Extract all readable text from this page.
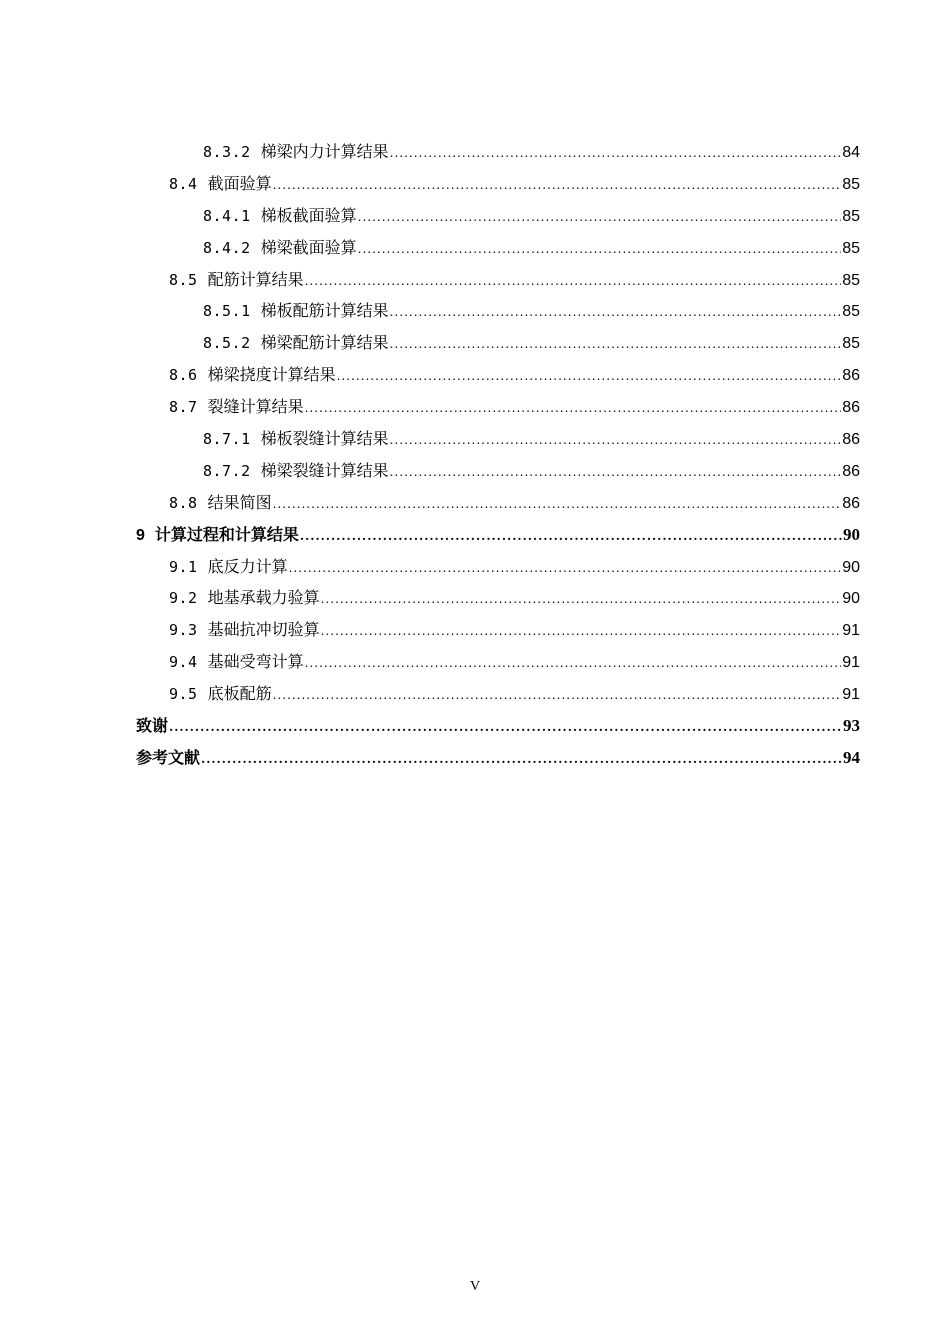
8.3.2 梯梁内力计算结果 .....	84
8.4 截面验算 .....	85
8.4.1 梯板截面验算 .....	85
8.4.2 梯梁截面验算 .....	85
8.5 配筋计算结果 .....	85
8.5.1 梯板配筋计算结果 .....	85
8.5.2 梯梁配筋计算结果 .....	85
8.6 梯梁挠度计算结果 .....	86
8.7 裂缝计算结果 .....	86
8.7.1 梯板裂缝计算结果 .....	86
8.7.2 梯梁裂缝计算结果 .....	86
8.8 结果简图 .....	86
9 计算过程和计算结果 .....	90
9.1 底反力计算 .....	90
9.2 地基承载力验算 .....	90
9.3 基础抗冲切验算 .....	91
9.4 基础受弯计算 .....	91
9.5 底板配筋 .....	91
致谢 .....	93
参考文献 .....	94
V
